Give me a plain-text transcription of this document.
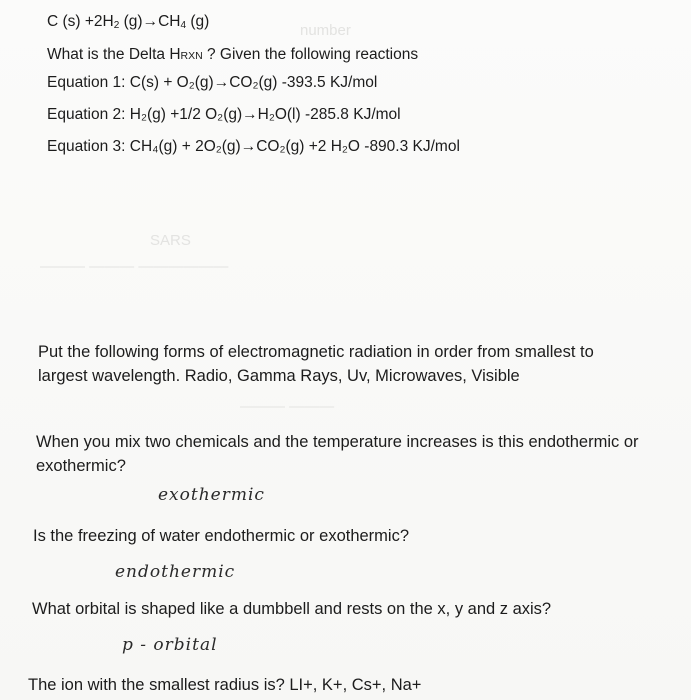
number
SARS
——— ——— ——————
——— ———
C $(s) +2H_2$ $(g)\to CH_4$ (g)
What is the Delta HRXN ? Given the following reactions
Equation 1: C(s) + O₂(g)→CO₂(g) -393.5 KJ/mol
Equation 2: H₂(g) +1/2 O₂(g)→H₂O(l) -285.8 KJ/mol
Equation 3: CH₄(g) + 2O₂(g)→CO₂(g) +2 H₂O -890.3 KJ/mol
Put the following forms of electromagnetic radiation in order from smallest to largest wavelength. Radio, Gamma Rays, Uv, Microwaves, Visible
When you mix two chemicals and the temperature increases is this endothermic or exothermic?
exothermic
Is the freezing of water endothermic or exothermic?
endothermic
What orbital is shaped like a dumbbell and rests on the x, y and z axis?
p - orbital
The ion with the smallest radius is? LI+, K+, Cs+, Na+
